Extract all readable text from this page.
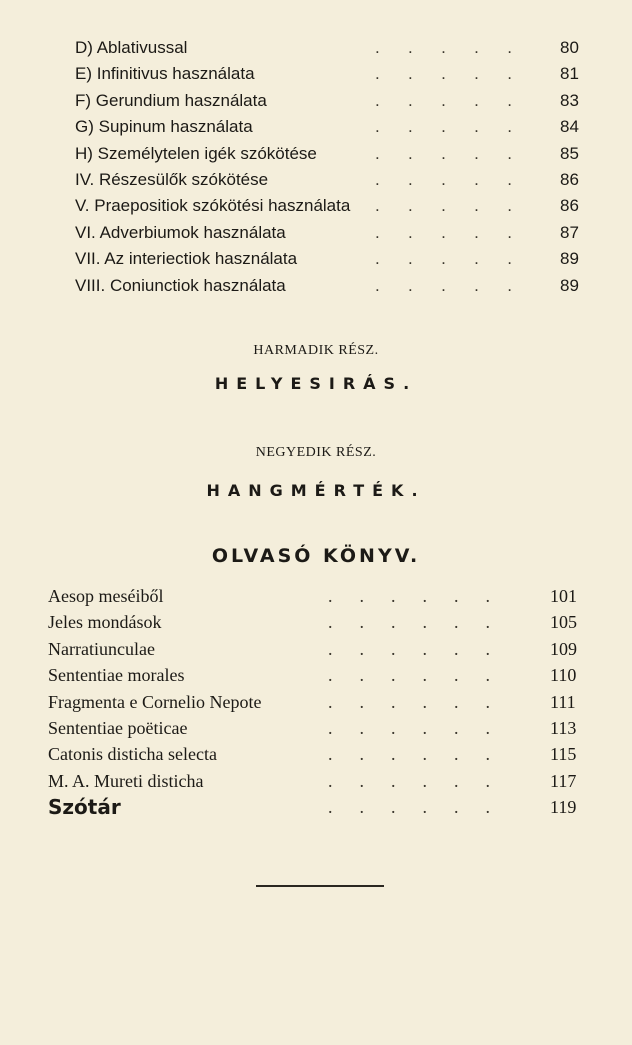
D) Ablativussal	.      .      .      .      .	80
E) Infinitivus használata	.      .      .      .      .	81
F) Gerundium használata	.      .      .      .      .	83
G) Supinum használata	.      .      .      .      .	84
H) Személytelen igék szókötése	.      .      .      .      .	85
IV. Részesülők szókötése	.      .      .      .      .	86
V. Praepositiok szókötési használata .      .      .      .      .	86
VI. Adverbiumok használata	.      .      .      .      .	87
VII. Az interiectiok használata	.      .      .      .      .	89
VIII. Coniunctiok használata	.      .      .      .      .	89
HARMADIK RÉSZ.
HELYESIRÁS.
NEGYEDIK RÉSZ.
HANGMÉRTÉK.
OLVASÓ KÖNYV.
Aesop meséiből	.      .      .      .      .      .	101
Jeles mondások	.      .      .      .      .      .	105
Narratiunculae	.      .      .      .      .      .	109
Sententiae morales	.      .      .      .      .      .	110
Fragmenta e Cornelio Nepote	.      .      .      .      .      .	111
Sententiae poëticae	.      .      .      .      .      .	113
Catonis disticha selecta	.      .      .      .      .      .	115
M. A. Mureti disticha	.      .      .      .      .      .	117
Szótár	.      .      .      .      .      .	119
